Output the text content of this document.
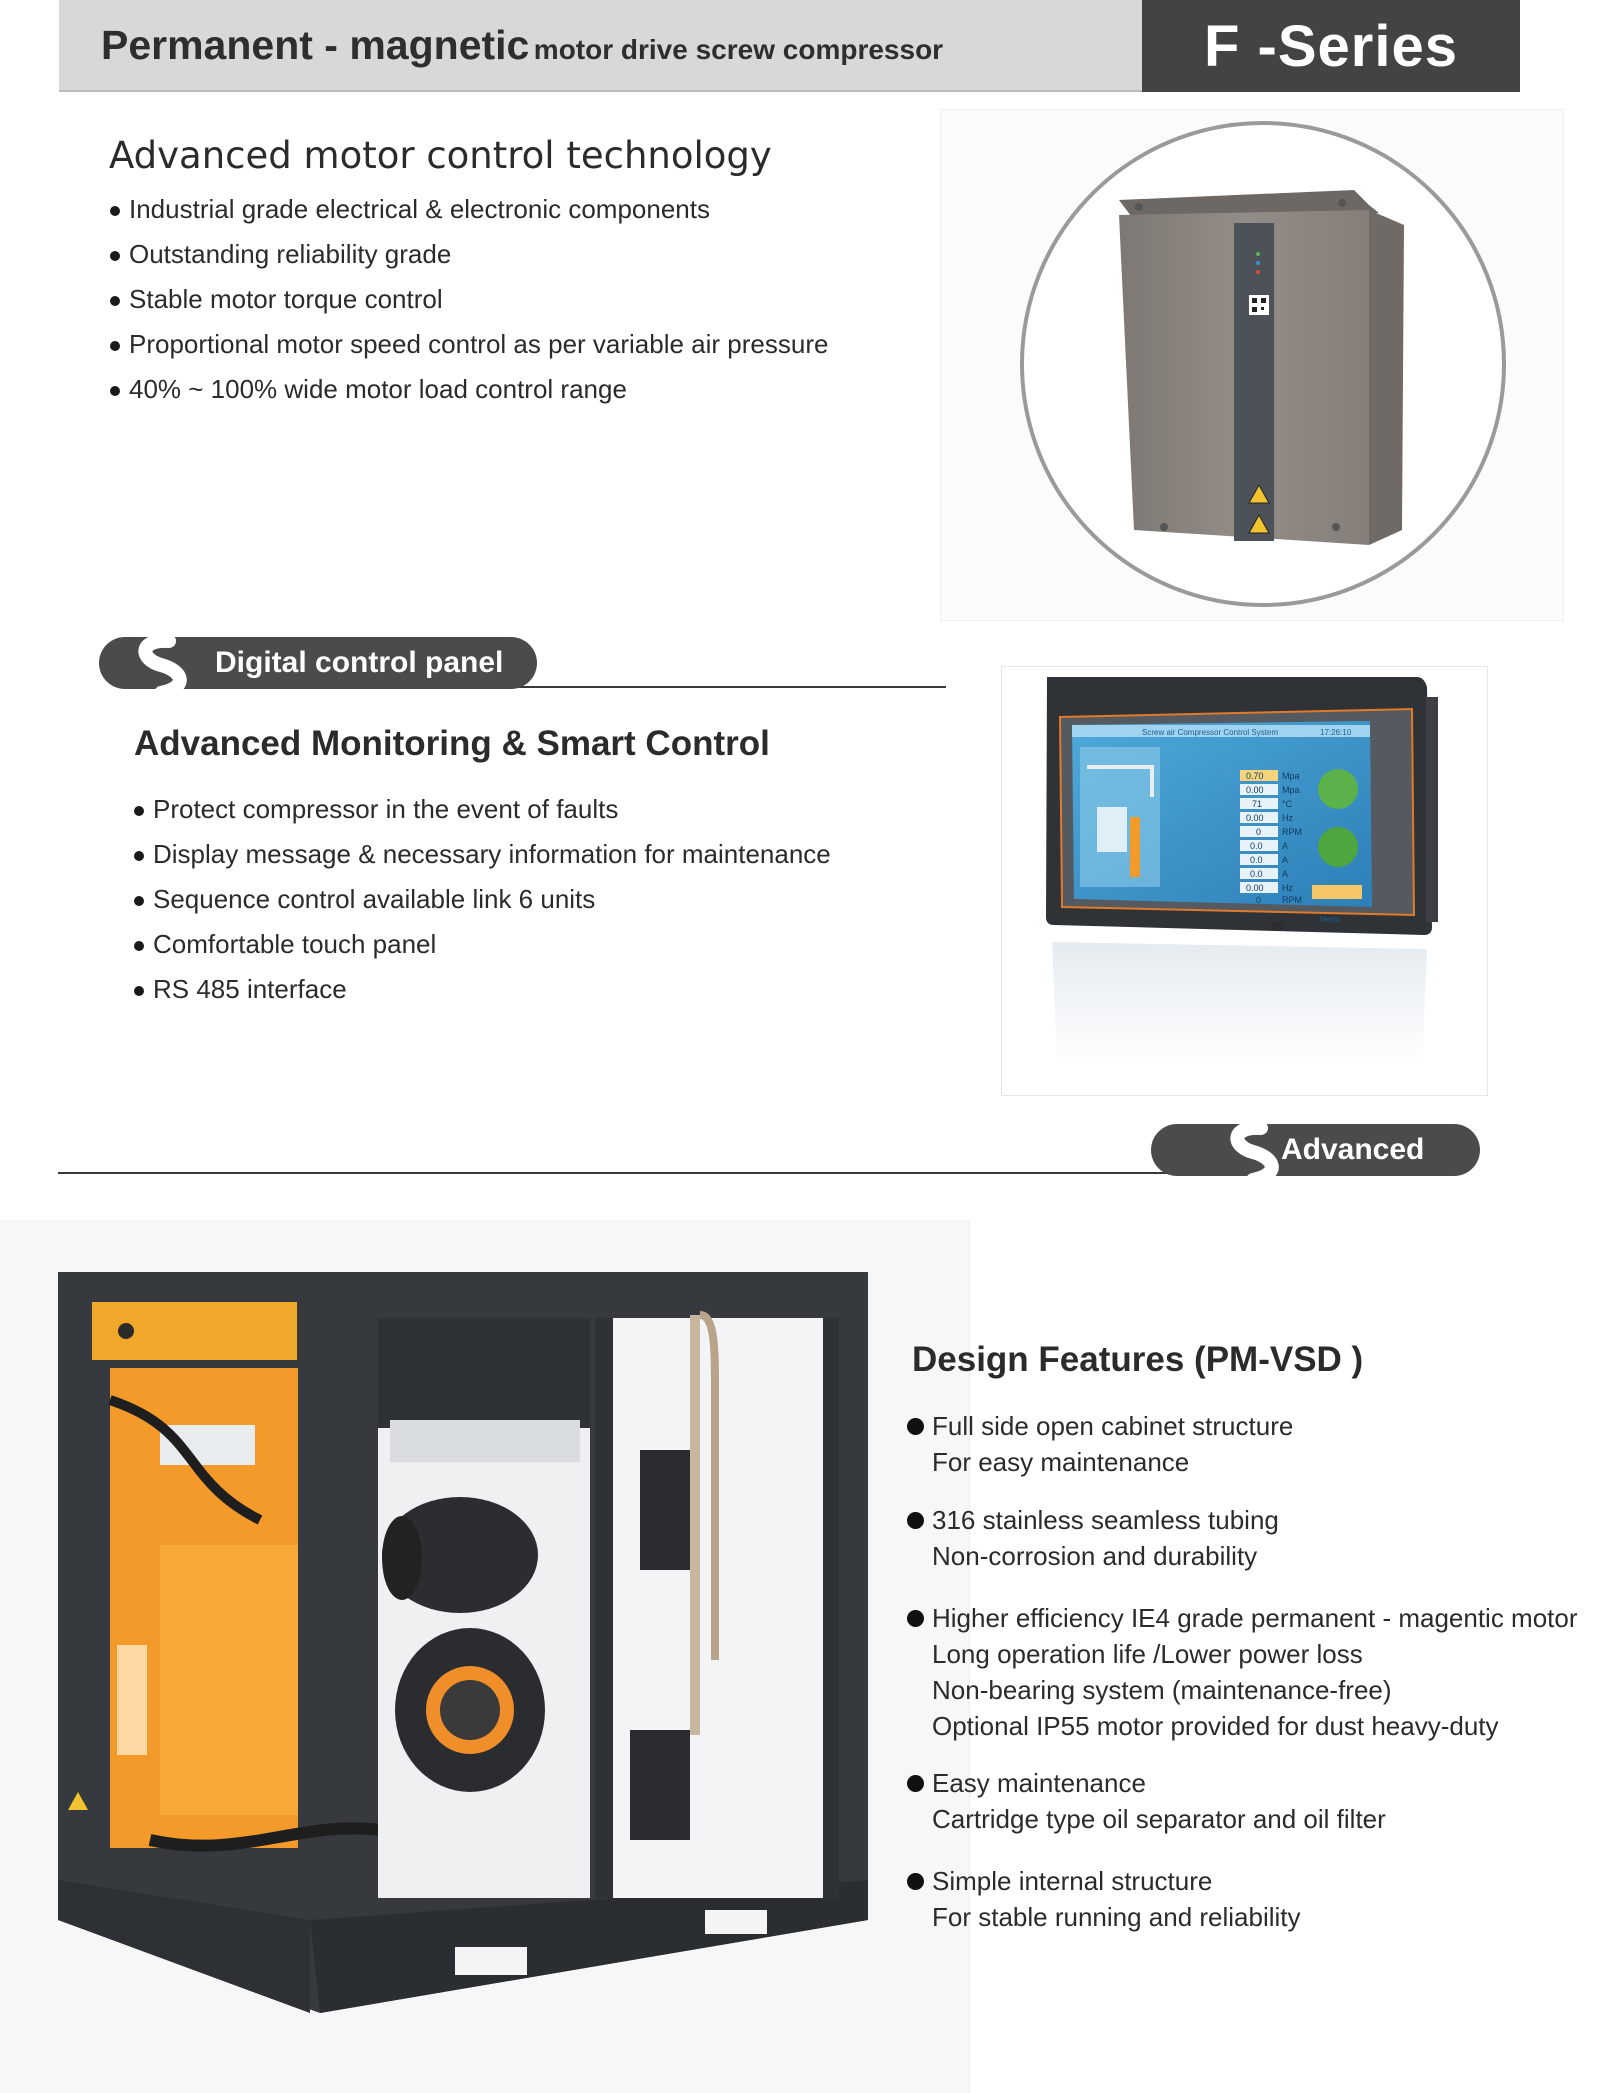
Permanent - magnetic motor drive screw compressor	F -Series
Advanced motor control technology
Industrial grade electrical & electronic components
Outstanding reliability grade
Stable motor torque control
Proportional motor speed control as per variable air pressure
40% ~ 100% wide motor load control range
Digital control panel
Advanced Monitoring & Smart Control
Protect compressor in the event of faults
Display message & necessary information for maintenance
Sequence control available link 6 units
Comfortable touch panel
RS 485 interface
Screw air Compressor Control System	17:26:10
0.70 Mpa
0.00 Mpa
71 °C
0.00 Hz
0 RPM
0.0 A
0.0 A
0.0 A
0.00 Hz
0 RPM
0S
Menu
Advanced
Design Features (PM-VSD )
Full side open cabinet structure
For easy maintenance
316 stainless seamless tubing
Non-corrosion and durability
Higher efficiency IE4 grade permanent - magentic motor
Long operation life /Lower power loss
Non-bearing system (maintenance-free)
Optional IP55 motor provided for dust heavy-duty
Easy maintenance
Cartridge type oil separator and oil filter
Simple internal structure
For stable running and reliability
